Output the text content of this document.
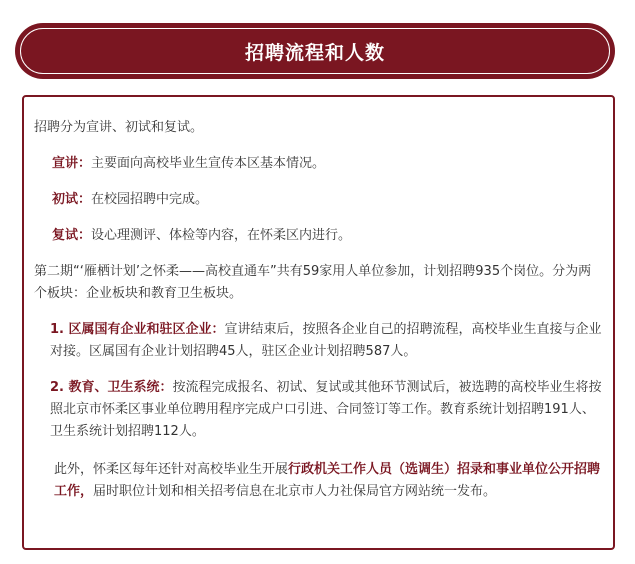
招聘流程和人数

招聘分为宣讲、初试和复试。

宣讲：主要面向高校毕业生宣传本区基本情况。

初试：在校园招聘中完成。

复试：设心理测评、体检等内容，在怀柔区内进行。

第二期“‘雁栖计划’之怀柔——高校直通车”共有59家用人单位参加，计划招聘935个岗位。分为两个板块：企业板块和教育卫生板块。

1. 区属国有企业和驻区企业：宣讲结束后，按照各企业自己的招聘流程，高校毕业生直接与企业对接。区属国有企业计划招聘45人，驻区企业计划招聘587人。

2. 教育、卫生系统：按流程完成报名、初试、复试或其他环节测试后，被选聘的高校毕业生将按照北京市怀柔区事业单位聘用程序完成户口引进、合同签订等工作。教育系统计划招聘191人、卫生系统计划招聘112人。

此外，怀柔区每年还针对高校毕业生开展行政机关工作人员（选调生）招录和事业单位公开招聘工作，届时职位计划和相关招考信息在北京市人力社保局官方网站统一发布。
